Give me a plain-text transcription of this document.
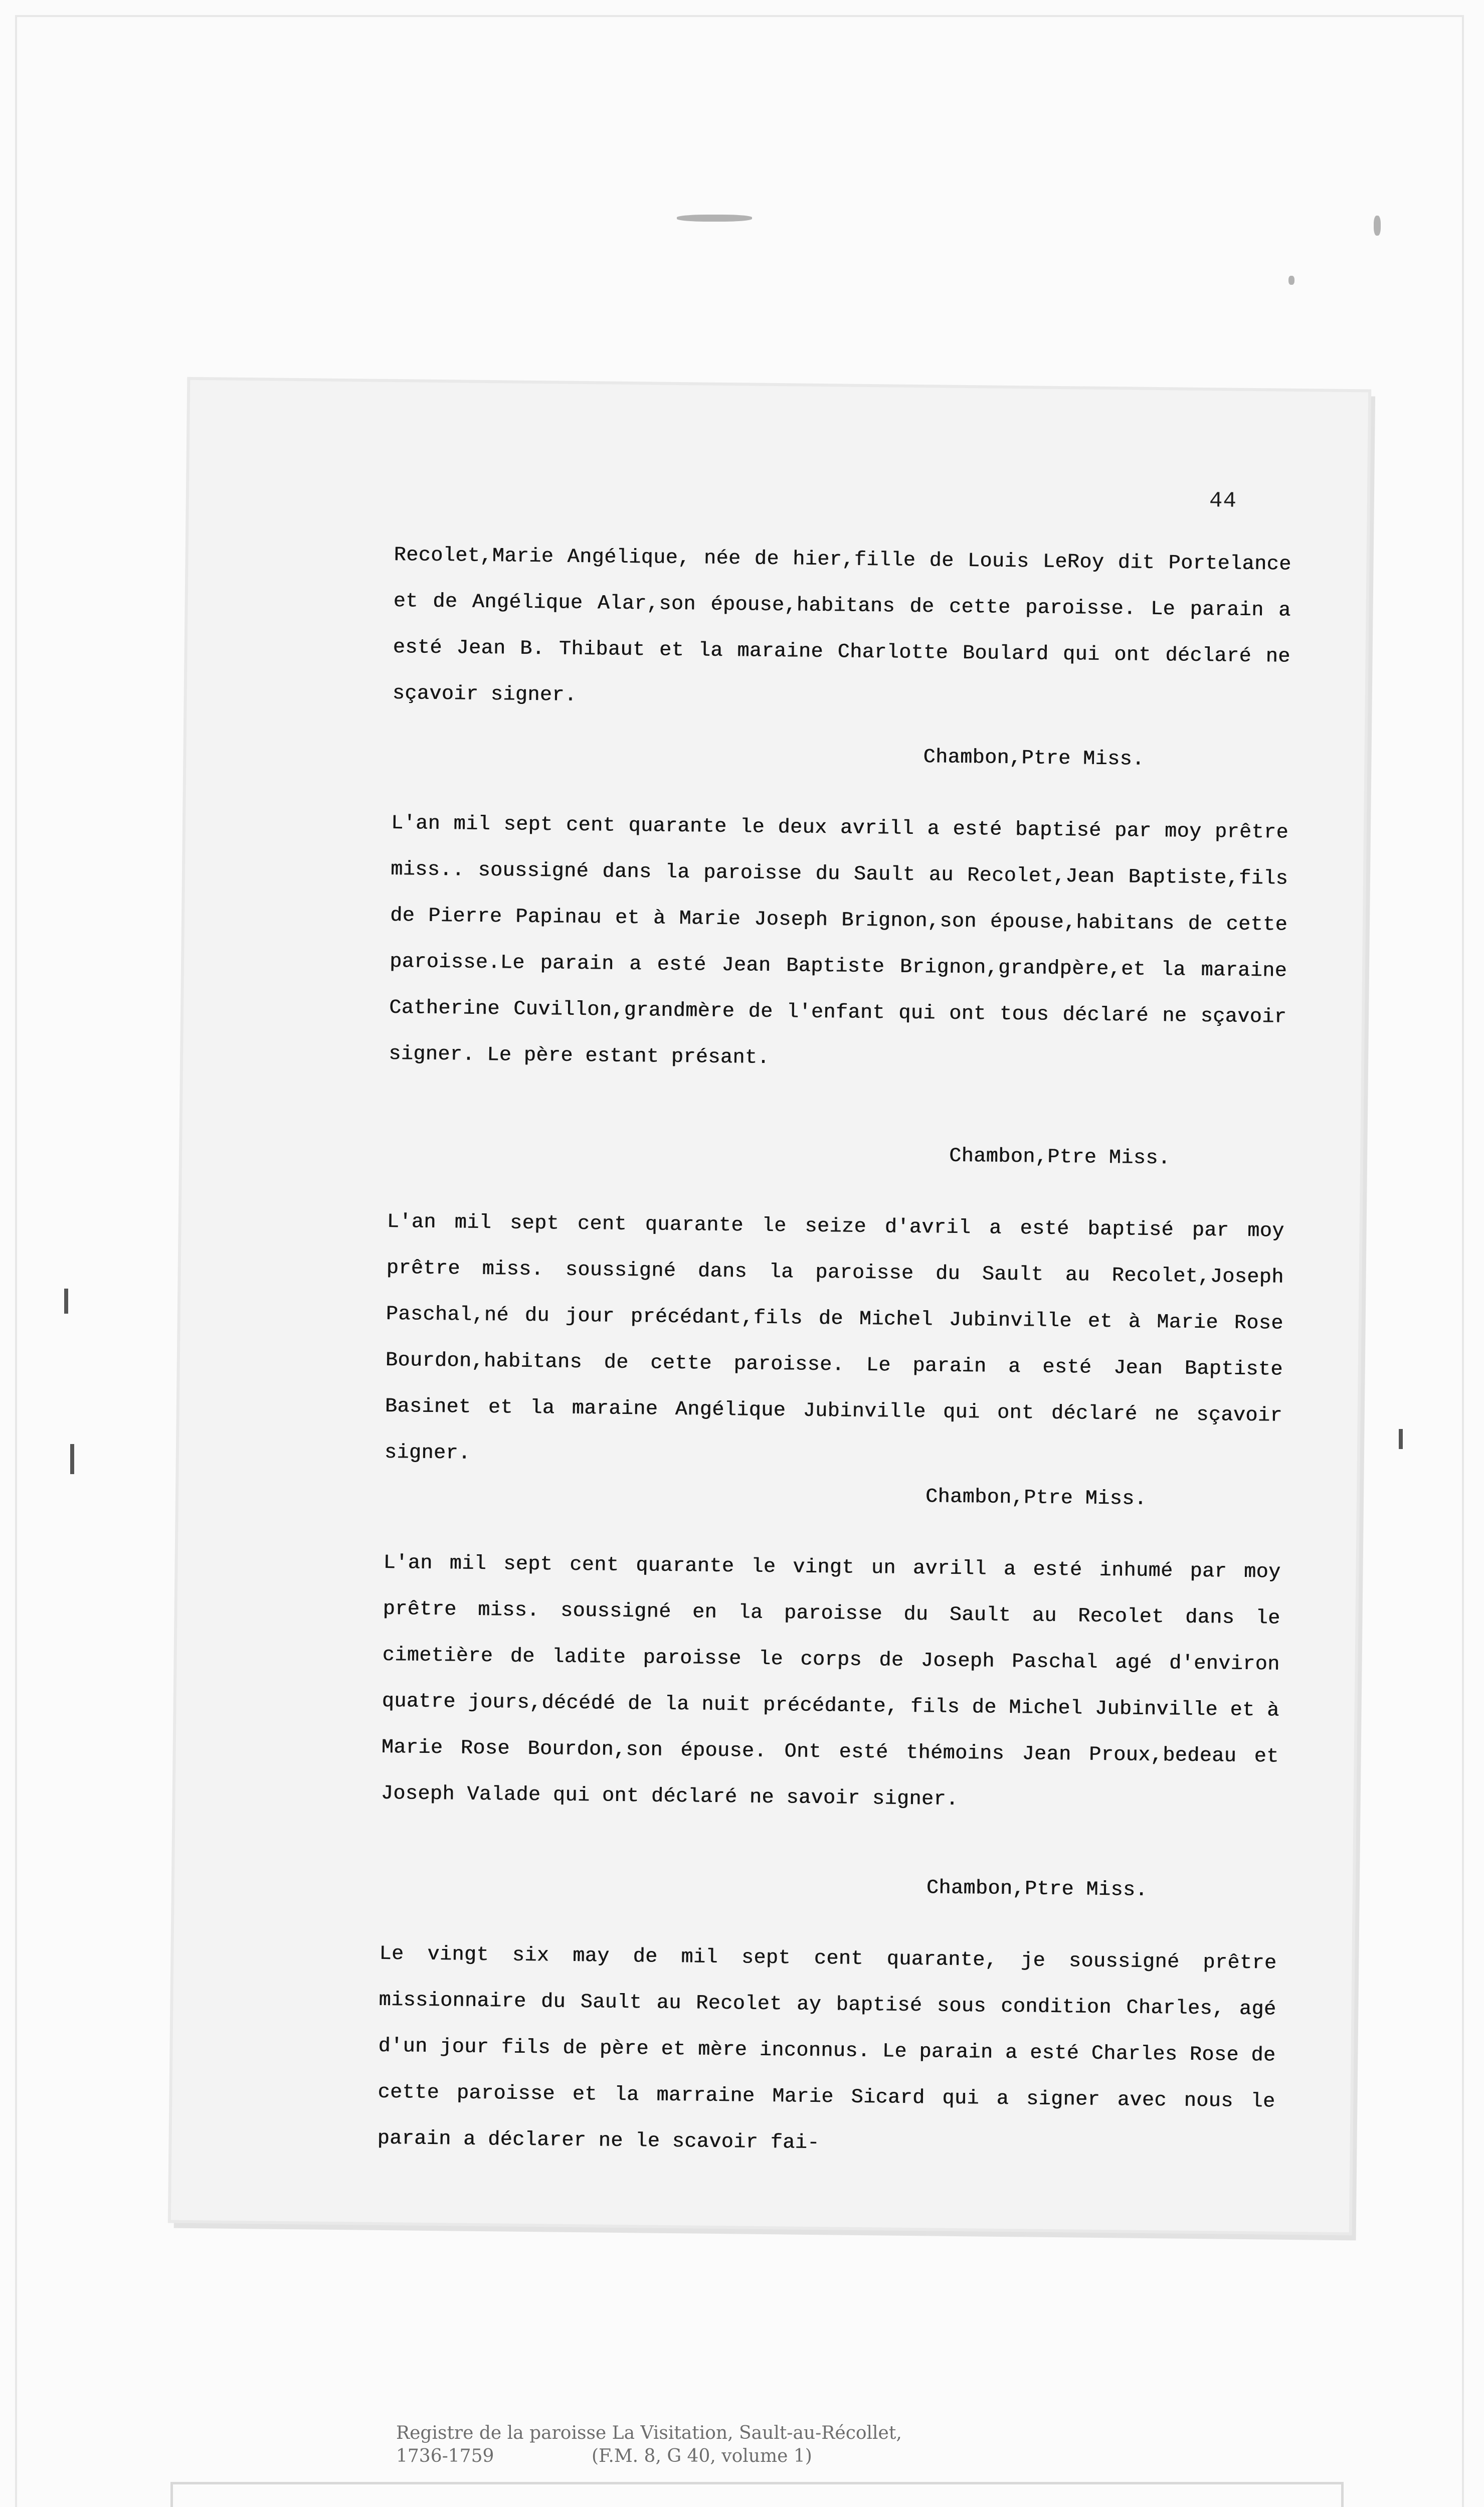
44

Recolet,Marie Angélique, née de hier,fille de Louis LeRoy dit Portelance et de Angélique Alar,son épouse,habitans de cette paroisse. Le parain a esté Jean B. Thibaut et la maraine Charlotte Boulard qui ont déclaré ne sçavoir signer.

Chambon,Ptre Miss.

L'an mil sept cent quarante le deux avrill a esté baptisé par moy prêtre miss.. soussigné dans la paroisse du Sault au Recolet,Jean Baptiste,fils de Pierre Papinau et à Marie Joseph Brignon,son épouse,habitans de cette paroisse.Le parain a esté Jean Baptiste Brignon,grandpère,et la maraine Catherine Cuvillon,grandmère de l'enfant qui ont tous déclaré ne sçavoir signer. Le père estant présant.

Chambon,Ptre Miss.

L'an mil sept cent quarante le seize d'avril a esté baptisé par moy prêtre miss. soussigné dans la paroisse du Sault au Recolet,Joseph Paschal,né du jour précédant,fils de Michel Jubinville et à Marie Rose Bourdon,habitans de cette paroisse. Le parain a esté Jean Baptiste Basinet et la maraine Angélique Jubinville qui ont déclaré ne sçavoir signer.

Chambon,Ptre Miss.

L'an mil sept cent quarante le vingt un avrill a esté inhumé par moy prêtre miss. soussigné en la paroisse du Sault au Recolet dans le cimetière de ladite paroisse le corps de Joseph Paschal agé d'environ quatre jours,décédé de la nuit précédante, fils de Michel Jubinville et à Marie Rose Bourdon,son épouse. Ont esté thémoins Jean Proux,bedeau et Joseph Valade qui ont déclaré ne savoir signer.

Chambon,Ptre Miss.

Le vingt six may de mil sept cent quarante, je soussigné prêtre missionnaire du Sault au Recolet ay baptisé sous condition Charles, agé d'un jour fils de père et mère inconnus. Le parain a esté Charles Rose de cette paroisse et la marraine Marie Sicard qui a signer avec nous le parain a déclarer ne le scavoir fai-

Registre de la paroisse La Visitation, Sault-au-Récollet,
1736-1759	(F.M. 8, G 40, volume 1)
